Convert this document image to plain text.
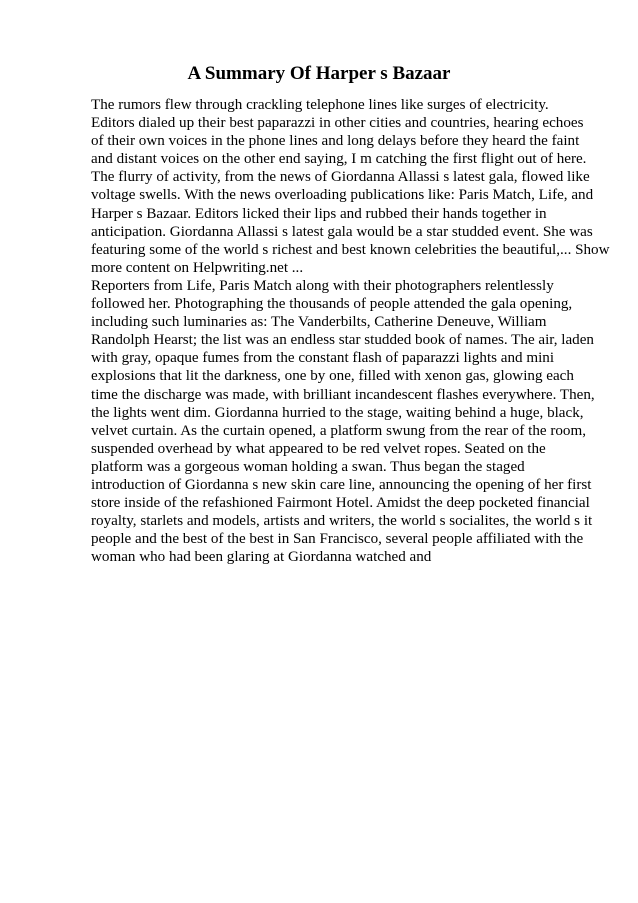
A Summary Of Harper s Bazaar
The rumors flew through crackling telephone lines like surges of electricity.
Editors dialed up their best paparazzi in other cities and countries, hearing echoes
of their own voices in the phone lines and long delays before they heard the faint
and distant voices on the other end saying, I m catching the first flight out of here.
The flurry of activity, from the news of Giordanna Allassi s latest gala, flowed like
voltage swells. With the news overloading publications like: Paris Match, Life, and
Harper s Bazaar. Editors licked their lips and rubbed their hands together in
anticipation. Giordanna Allassi s latest gala would be a star studded event. She was
featuring some of the world s richest and best known celebrities the beautiful,... Show
more content on Helpwriting.net ...
Reporters from Life, Paris Match along with their photographers relentlessly
followed her. Photographing the thousands of people attended the gala opening,
including such luminaries as: The Vanderbilts, Catherine Deneuve, William
Randolph Hearst; the list was an endless star studded book of names. The air, laden
with gray, opaque fumes from the constant flash of paparazzi lights and mini
explosions that lit the darkness, one by one, filled with xenon gas, glowing each
time the discharge was made, with brilliant incandescent flashes everywhere. Then,
the lights went dim. Giordanna hurried to the stage, waiting behind a huge, black,
velvet curtain. As the curtain opened, a platform swung from the rear of the room,
suspended overhead by what appeared to be red velvet ropes. Seated on the
platform was a gorgeous woman holding a swan. Thus began the staged
introduction of Giordanna s new skin care line, announcing the opening of her first
store inside of the refashioned Fairmont Hotel. Amidst the deep pocketed financial
royalty, starlets and models, artists and writers, the world s socialites, the world s it
people and the best of the best in San Francisco, several people affiliated with the
woman who had been glaring at Giordanna watched and
